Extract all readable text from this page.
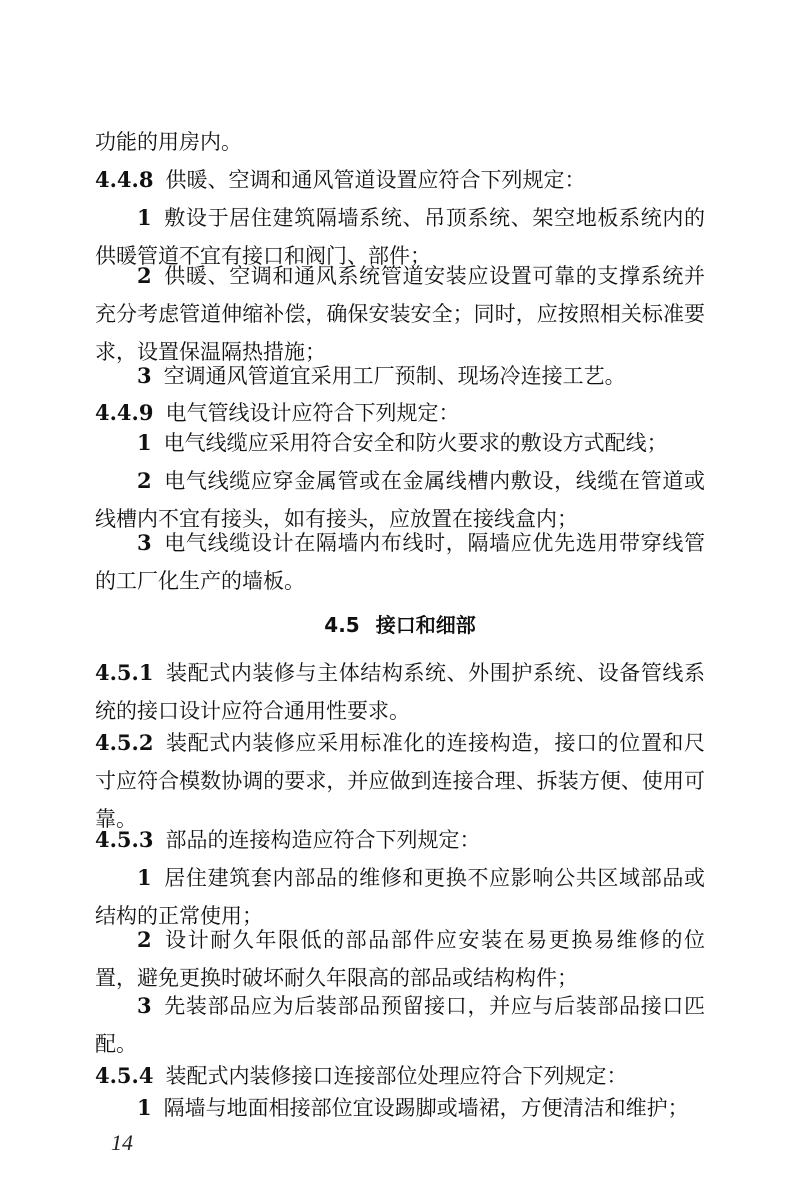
功能的用房内。
4.4.8 供暖、空调和通风管道设置应符合下列规定：
1 敷设于居住建筑隔墙系统、吊顶系统、架空地板系统内的供暖管道不宜有接口和阀门、部件；
2 供暖、空调和通风系统管道安装应设置可靠的支撑系统并充分考虑管道伸缩补偿，确保安装安全；同时，应按照相关标准要求，设置保温隔热措施；
3 空调通风管道宜采用工厂预制、现场冷连接工艺。
4.4.9 电气管线设计应符合下列规定：
1 电气线缆应采用符合安全和防火要求的敷设方式配线；
2 电气线缆应穿金属管或在金属线槽内敷设，线缆在管道或线槽内不宜有接头，如有接头，应放置在接线盒内；
3 电气线缆设计在隔墙内布线时，隔墙应优先选用带穿线管的工厂化生产的墙板。
4.5 接口和细部
4.5.1 装配式内装修与主体结构系统、外围护系统、设备管线系统的接口设计应符合通用性要求。
4.5.2 装配式内装修应采用标准化的连接构造，接口的位置和尺寸应符合模数协调的要求，并应做到连接合理、拆装方便、使用可靠。
4.5.3 部品的连接构造应符合下列规定：
1 居住建筑套内部品的维修和更换不应影响公共区域部品或结构的正常使用；
2 设计耐久年限低的部品部件应安装在易更换易维修的位置，避免更换时破坏耐久年限高的部品或结构构件；
3 先装部品应为后装部品预留接口，并应与后装部品接口匹配。
4.5.4 装配式内装修接口连接部位处理应符合下列规定：
1 隔墙与地面相接部位宜设踢脚或墙裙，方便清洁和维护；
14
